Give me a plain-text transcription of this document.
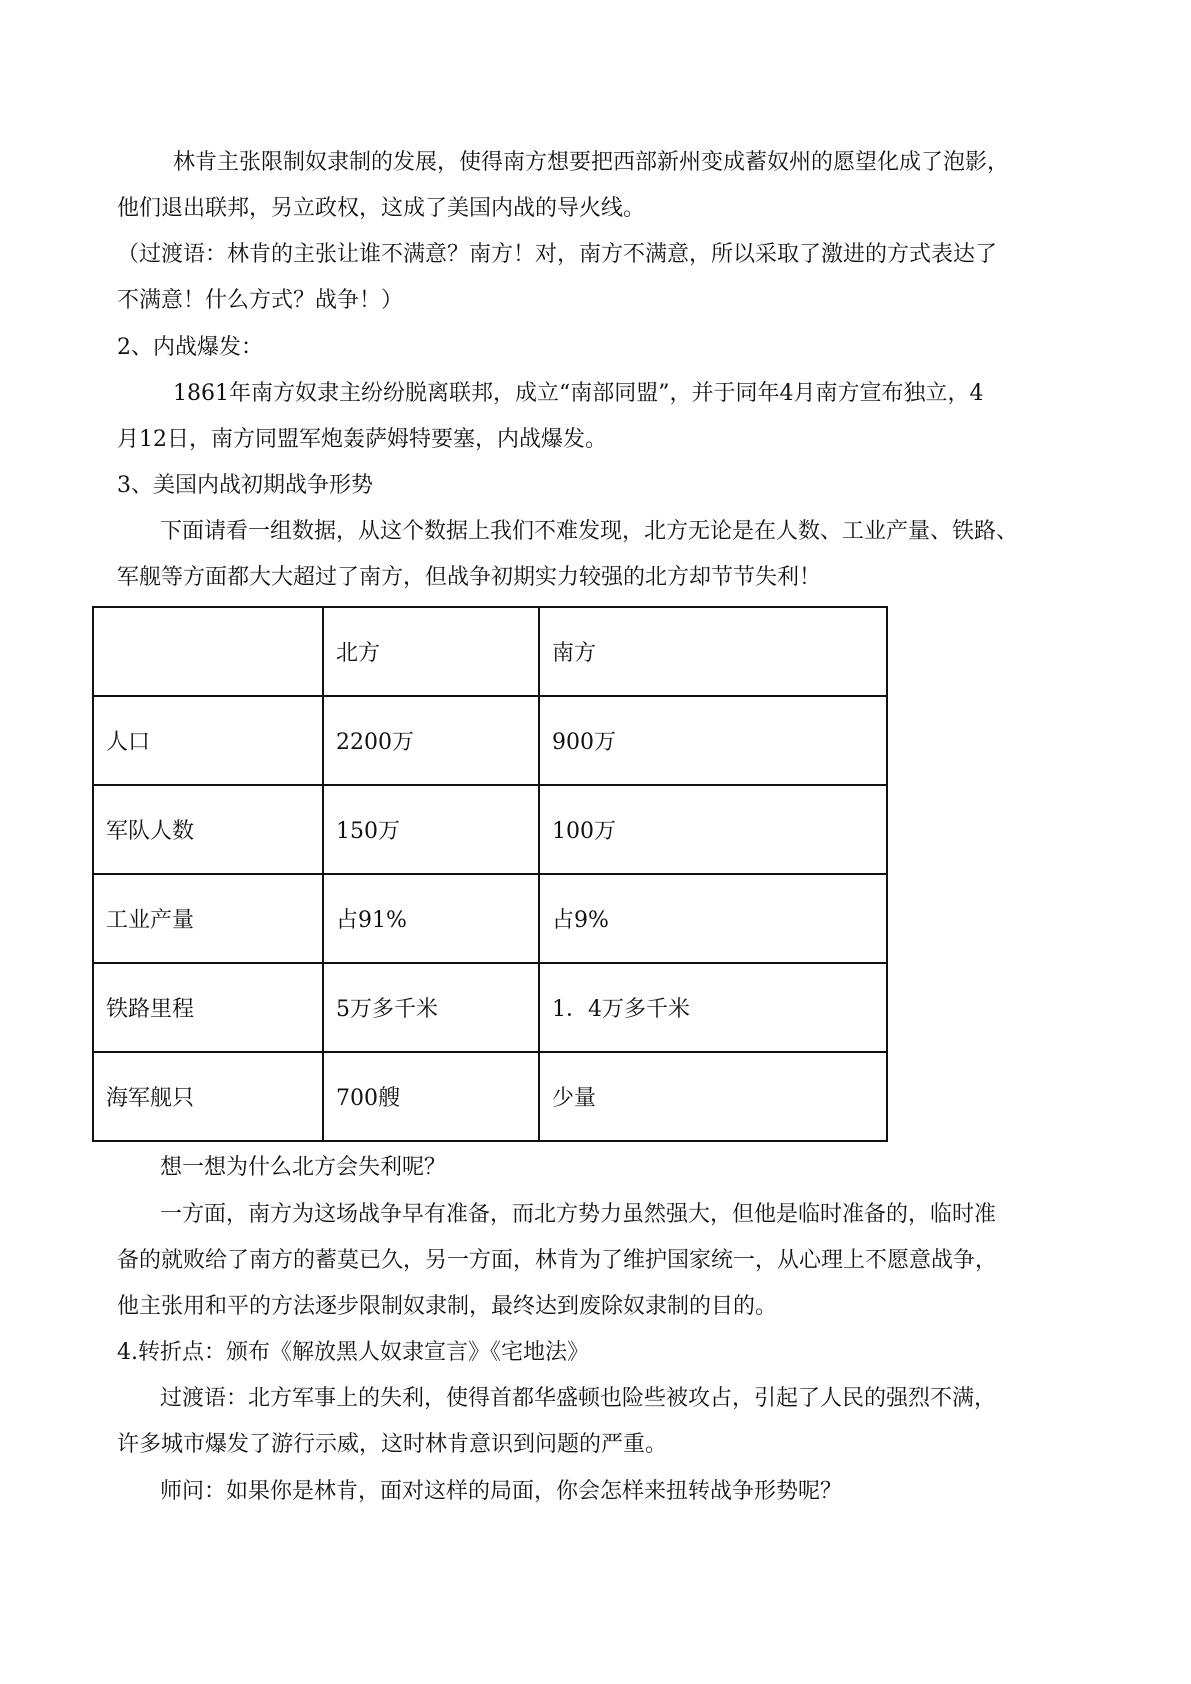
林肯主张限制奴隶制的发展，使得南方想要把西部新州变成蓄奴州的愿望化成了泡影，
他们退出联邦，另立政权，这成了美国内战的导火线。
（过渡语：林肯的主张让谁不满意？南方！对，南方不满意，所以采取了激进的方式表达了
不满意！什么方式？战争！）
2、内战爆发：
1861年南方奴隶主纷纷脱离联邦，成立“南部同盟”，并于同年4月南方宣布独立，4
月12日，南方同盟军炮轰萨姆特要塞，内战爆发。
3、美国内战初期战争形势
下面请看一组数据，从这个数据上我们不难发现，北方无论是在人数、工业产量、铁路、
军舰等方面都大大超过了南方，但战争初期实力较强的北方却节节失利！
	北方	南方
人口	2200万	900万
军队人数	150万	100万
工业产量	占91%	占9%
铁路里程	5万多千米	1．4万多千米
海军舰只	700艘	少量
想一想为什么北方会失利呢？
一方面，南方为这场战争早有准备，而北方势力虽然强大，但他是临时准备的，临时准
备的就败给了南方的蓄莫已久，另一方面，林肯为了维护国家统一，从心理上不愿意战争，
他主张用和平的方法逐步限制奴隶制，最终达到废除奴隶制的目的。
4.转折点：颁布《解放黑人奴隶宣言》《宅地法》
过渡语：北方军事上的失利，使得首都华盛顿也险些被攻占，引起了人民的强烈不满，
许多城市爆发了游行示威，这时林肯意识到问题的严重。
师问：如果你是林肯，面对这样的局面，你会怎样来扭转战争形势呢？
